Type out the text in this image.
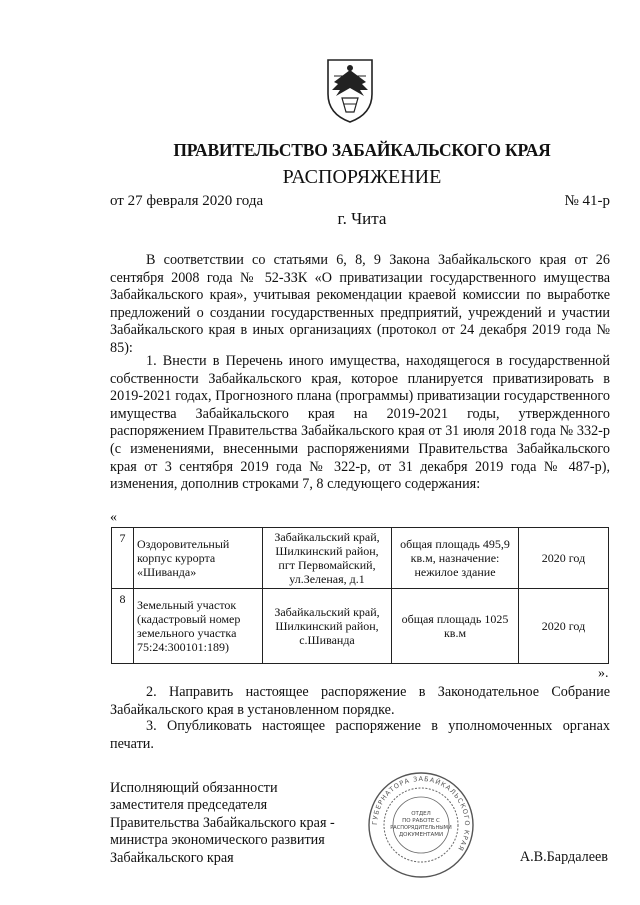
ПРАВИТЕЛЬСТВО ЗАБАЙКАЛЬСКОГО КРАЯ
РАСПОРЯЖЕНИЕ
от 27 февраля 2020 года	№ 41-р
г. Чита
В соответствии со статьями 6, 8, 9 Закона Забайкальского края от 26 сентября 2008 года № 52-ЗЗК «О приватизации государственного имущества Забайкальского края», учитывая рекомендации краевой комиссии по выработке предложений о создании государственных предприятий, учреждений и участии Забайкальского края в иных организациях (протокол от 24 декабря 2019 года № 85):
1. Внести в Перечень иного имущества, находящегося в государственной собственности Забайкальского края, которое планируется приватизировать в 2019-2021 годах, Прогнозного плана (программы) приватизации государственного имущества Забайкальского края на 2019-2021 годы, утвержденного распоряжением Правительства Забайкальского края от 31 июля 2018 года № 332-р (с изменениями, внесенными распоряжениями Правительства Забайкальского края от 3 сентября 2019 года № 322-р, от 31 декабря 2019 года № 487-р), изменения, дополнив строками 7, 8 следующего содержания:
«
7	Оздоровительный корпус курорта «Шиванда»	Забайкальский край, Шилкинский район, пгт Первомайский, ул.Зеленая, д.1	общая площадь 495,9 кв.м, назначение: нежилое здание	2020 год
8	Земельный участок (кадастровый номер земельного участка 75:24:300101:189)	Забайкальский край, Шилкинский район, с.Шиванда	общая площадь 1025 кв.м	2020 год
».
2. Направить настоящее распоряжение в Законодательное Собрание Забайкальского края в установленном порядке.
3. Опубликовать настоящее распоряжение в уполномоченных органах печати.
Исполняющий обязанности
заместителя председателя
Правительства Забайкальского края -
министра экономического развития
Забайкальского края
ГУБЕРНАТОРА ЗАБАЙКАЛЬСКОГО КРАЯ
ОТДЕЛ
ПО РАБОТЕ С
РАСПОРЯДИТЕЛЬНЫМИ
ДОКУМЕНТАМИ
А.В.Бардалеев
